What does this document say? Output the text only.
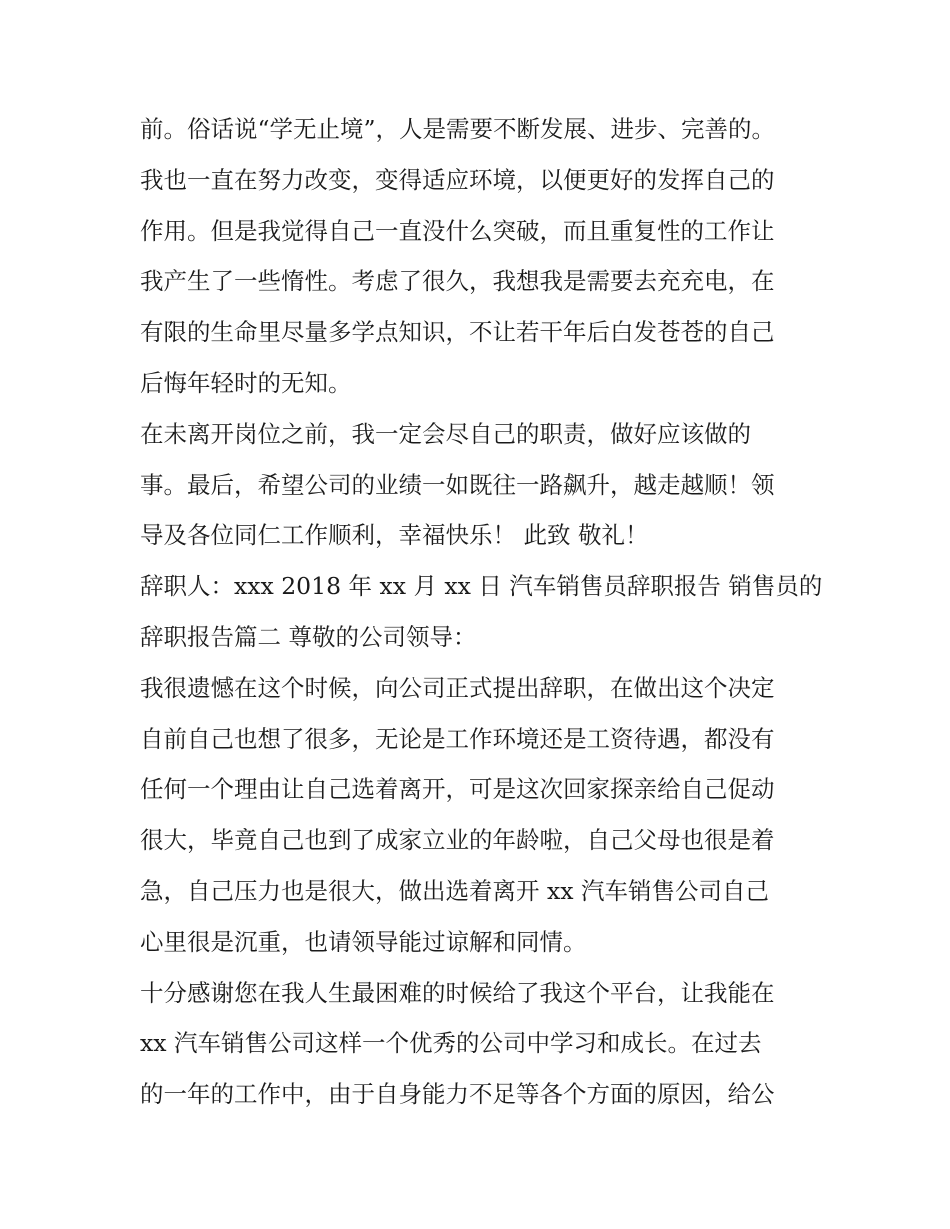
前。俗话说“学无止境”，人是需要不断发展、进步、完善的。
我也一直在努力改变，变得适应环境，以便更好的发挥自己的
作用。但是我觉得自己一直没什么突破，而且重复性的工作让
我产生了一些惰性。考虑了很久，我想我是需要去充充电，在
有限的生命里尽量多学点知识，不让若干年后白发苍苍的自己
后悔年轻时的无知。
在未离开岗位之前，我一定会尽自己的职责，做好应该做的
事。最后，希望公司的业绩一如既往一路飙升，越走越顺！领
导及各位同仁工作顺利，幸福快乐！ 此致 敬礼！
辞职人：xxx 2018 年 xx 月 xx 日 汽车销售员辞职报告 销售员的
辞职报告篇二 尊敬的公司领导：
我很遗憾在这个时候，向公司正式提出辞职，在做出这个决定
自前自己也想了很多，无论是工作环境还是工资待遇，都没有
任何一个理由让自己选着离开，可是这次回家探亲给自己促动
很大，毕竟自己也到了成家立业的年龄啦，自己父母也很是着
急，自己压力也是很大，做出选着离开 xx 汽车销售公司自己
心里很是沉重，也请领导能过谅解和同情。
十分感谢您在我人生最困难的时候给了我这个平台，让我能在
xx 汽车销售公司这样一个优秀的公司中学习和成长。在过去
的一年的工作中，由于自身能力不足等各个方面的原因，给公
